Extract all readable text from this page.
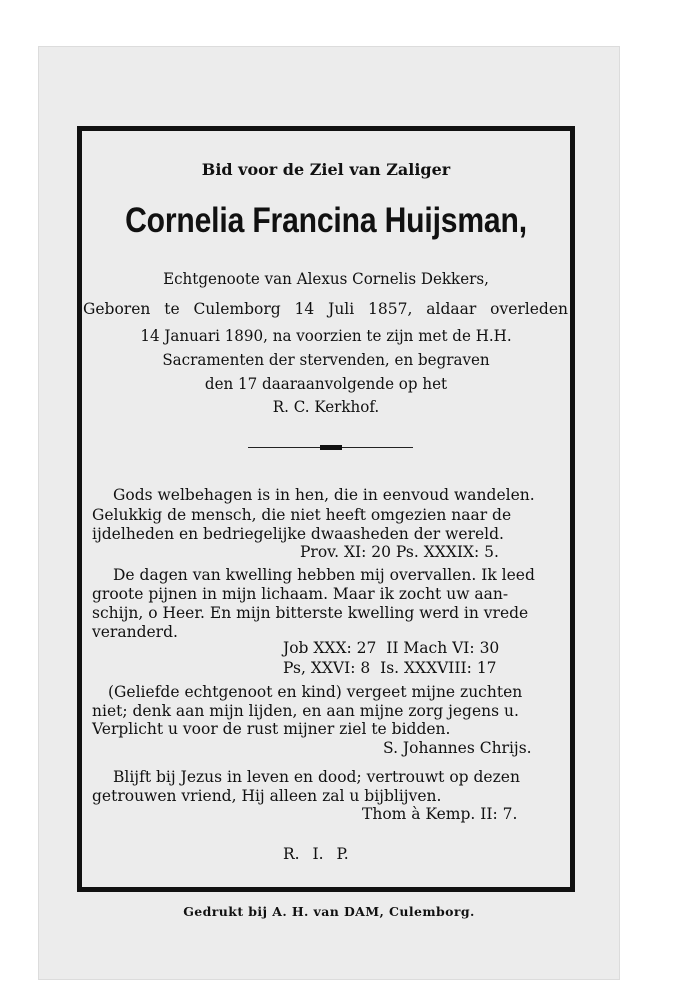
Bid voor de Ziel van Zaliger
Cornelia Francina Huijsman,
Echtgenoote van Alexus Cornelis Dekkers,
Geboren te Culemborg 14 Juli 1857, aldaar overleden
14 Januari 1890, na voorzien te zijn met de H.H.
Sacramenten der stervenden, en begraven
den 17 daaraanvolgende op het
R. C. Kerkhof.
Gods welbehagen is in hen, die in eenvoud wandelen.
Gelukkig de mensch, die niet heeft omgezien naar de
ijdelheden en bedriegelijke dwaasheden der wereld.
Prov. XI: 20 Ps. XXXIX: 5.
De dagen van kwelling hebben mij overvallen. Ik leed
groote pijnen in mijn lichaam. Maar ik zocht uw aan-
schijn, o Heer. En mijn bitterste kwelling werd in vrede
veranderd.
Job XXX: 27  II Mach VI: 30
Ps, XXVI: 8  Is. XXXVIII: 17
(Geliefde echtgenoot en kind) vergeet mijne zuchten
niet; denk aan mijn lijden, en aan mijne zorg jegens u.
Verplicht u voor de rust mijner ziel te bidden.
S. Johannes Chrijs.
Blijft bij Jezus in leven en dood; vertrouwt op dezen
getrouwen vriend, Hij alleen zal u bijblijven.
Thom à Kemp. II: 7.
R. I. P.
Gedrukt bij A. H. van DAM, Culemborg.
